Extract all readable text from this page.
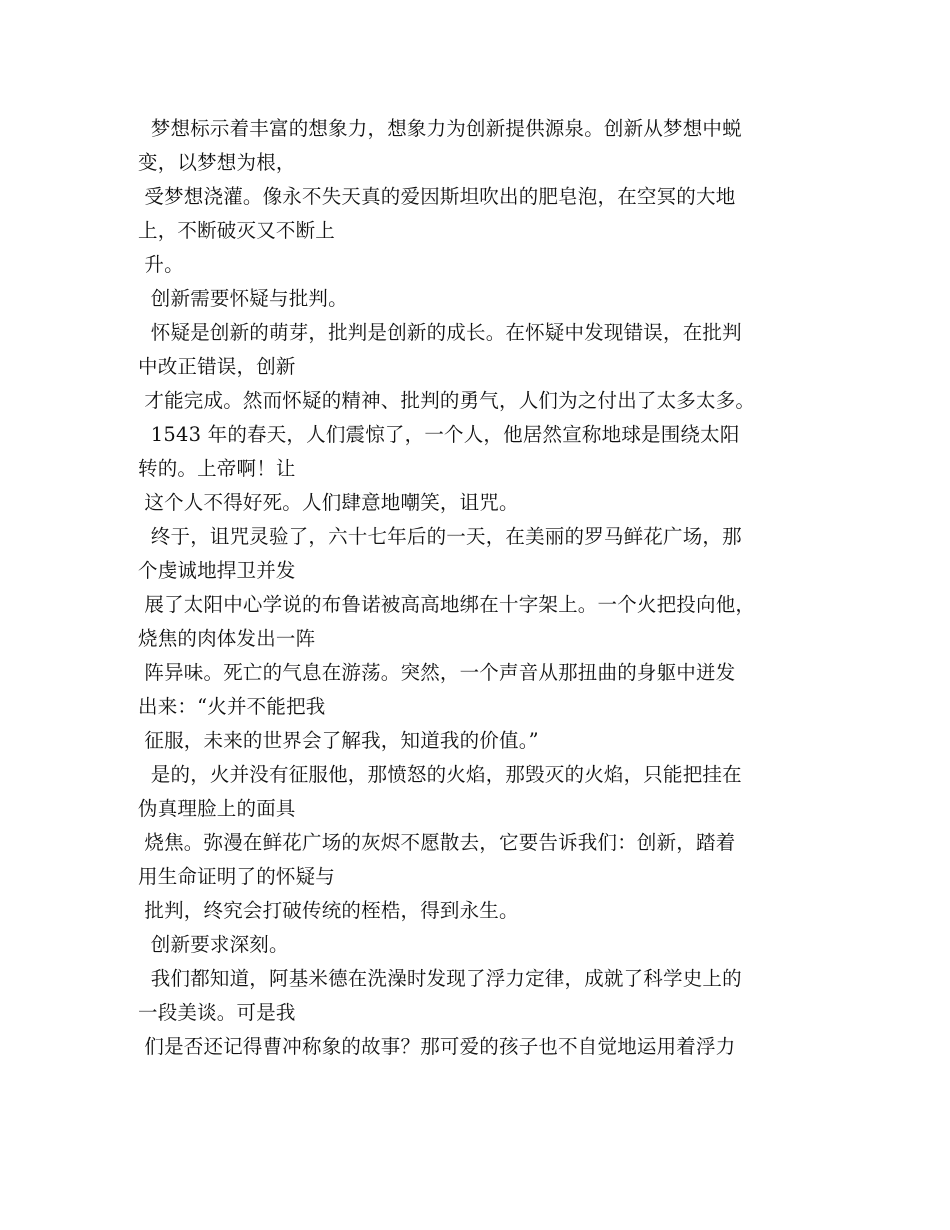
梦想标示着丰富的想象力，想象力为创新提供源泉。创新从梦想中蜕
变，以梦想为根，
受梦想浇灌。像永不失天真的爱因斯坦吹出的肥皂泡，在空冥的大地
上，不断破灭又不断上
升。
创新需要怀疑与批判。
怀疑是创新的萌芽，批判是创新的成长。在怀疑中发现错误，在批判
中改正错误，创新
才能完成。然而怀疑的精神、批判的勇气，人们为之付出了太多太多。
1543 年的春天，人们震惊了，一个人，他居然宣称地球是围绕太阳
转的。上帝啊！让
这个人不得好死。人们肆意地嘲笑，诅咒。
终于，诅咒灵验了，六十七年后的一天，在美丽的罗马鲜花广场，那
个虔诚地捍卫并发
展了太阳中心学说的布鲁诺被高高地绑在十字架上。一个火把投向他，
烧焦的肉体发出一阵
阵异味。死亡的气息在游荡。突然，一个声音从那扭曲的身躯中迸发
出来：“火并不能把我
征服，未来的世界会了解我，知道我的价值。”
是的，火并没有征服他，那愤怒的火焰，那毁灭的火焰，只能把挂在
伪真理脸上的面具
烧焦。弥漫在鲜花广场的灰烬不愿散去，它要告诉我们：创新，踏着
用生命证明了的怀疑与
批判，终究会打破传统的桎梏，得到永生。
创新要求深刻。
我们都知道，阿基米德在洗澡时发现了浮力定律，成就了科学史上的
一段美谈。可是我
们是否还记得曹冲称象的故事？那可爱的孩子也不自觉地运用着浮力
